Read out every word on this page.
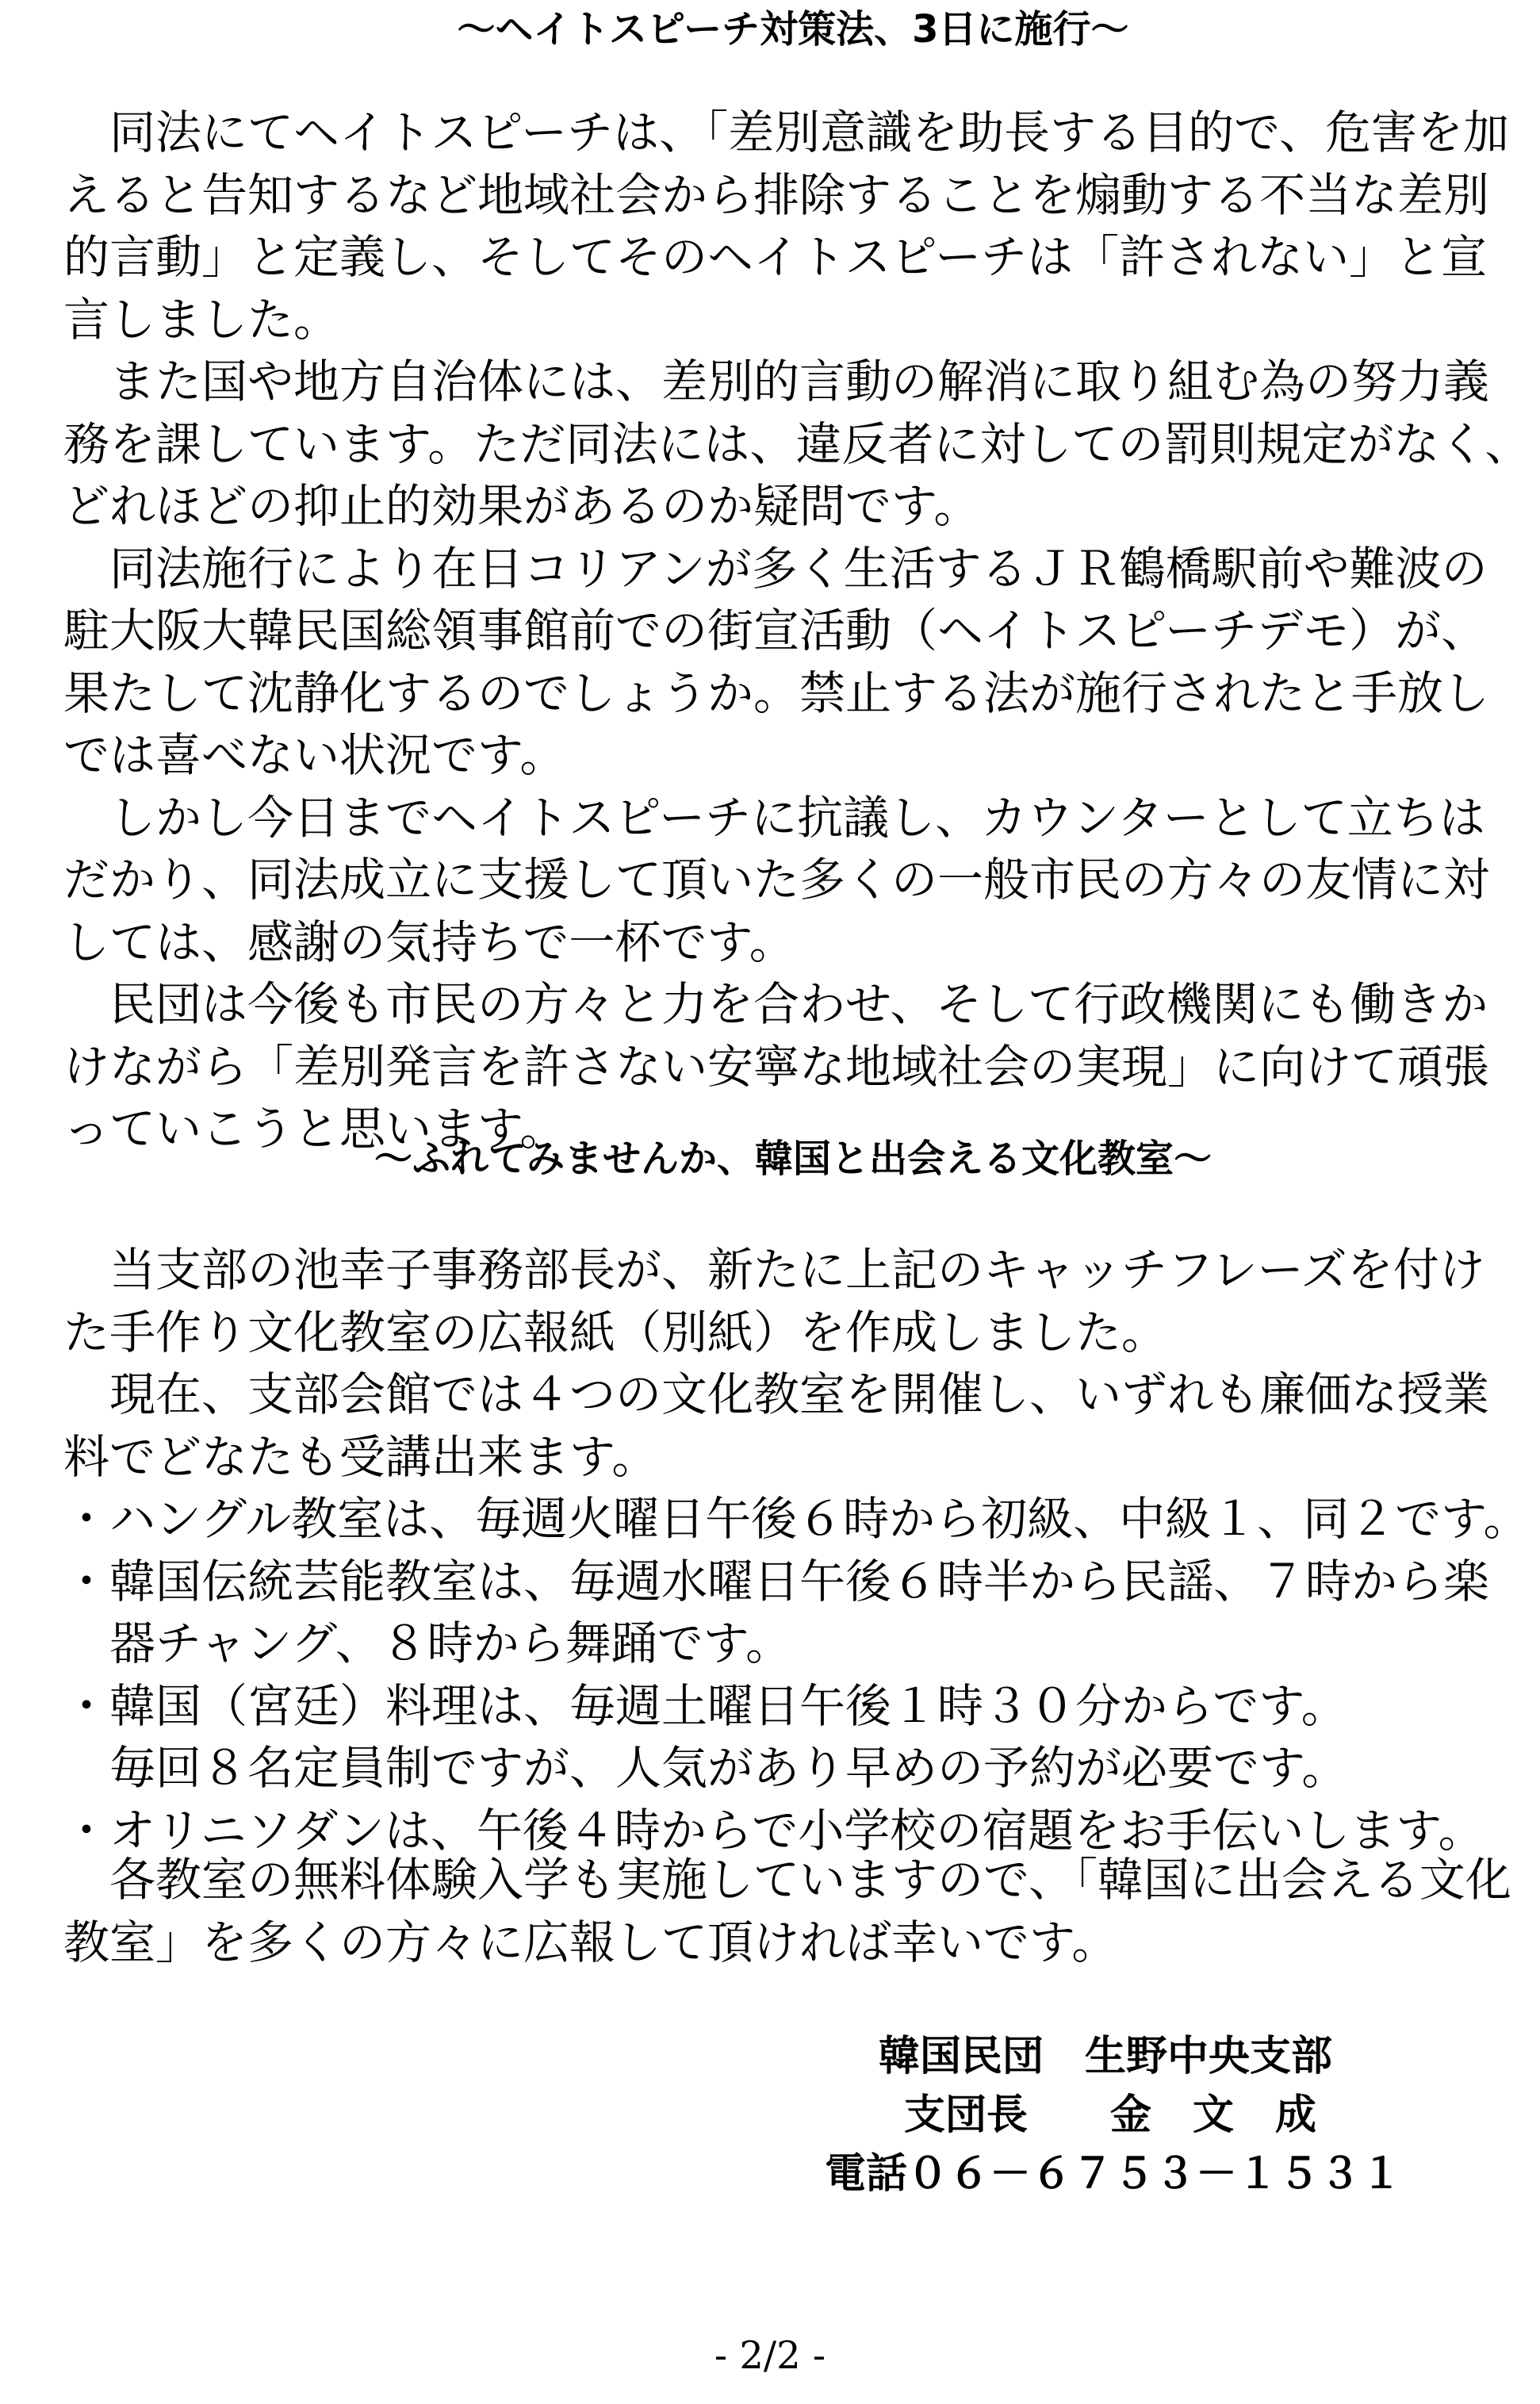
～ヘイトスピーチ対策法、3日に施行～
　同法にてヘイトスピーチは、「差別意識を助長する目的で、危害を加
えると告知するなど地域社会から排除することを煽動する不当な差別
的言動」と定義し、そしてそのヘイトスピーチは「許されない」と宣
言しました。
　また国や地方自治体には、差別的言動の解消に取り組む為の努力義
務を課しています。ただ同法には、違反者に対しての罰則規定がなく、
どれほどの抑止的効果があるのか疑問です。
　同法施行により在日コリアンが多く生活するＪＲ鶴橋駅前や難波の
駐大阪大韓民国総領事館前での街宣活動（ヘイトスピーチデモ）が、
果たして沈静化するのでしょうか。禁止する法が施行されたと手放し
では喜べない状況です。
　しかし今日までヘイトスピーチに抗議し、カウンターとして立ちは
だかり、同法成立に支援して頂いた多くの一般市民の方々の友情に対
しては、感謝の気持ちで一杯です。
　民団は今後も市民の方々と力を合わせ、そして行政機関にも働きか
けながら「差別発言を許さない安寧な地域社会の実現」に向けて頑張
っていこうと思います。
～ふれてみませんか、韓国と出会える文化教室～
　当支部の池幸子事務部長が、新たに上記のキャッチフレーズを付け
た手作り文化教室の広報紙（別紙）を作成しました。
　現在、支部会館では４つの文化教室を開催し、いずれも廉価な授業
料でどなたも受講出来ます。
・ハングル教室は、毎週火曜日午後６時から初級、中級１、同２です。
・韓国伝統芸能教室は、毎週水曜日午後６時半から民謡、７時から楽
器チャング、８時から舞踊です。
・韓国（宮廷）料理は、毎週土曜日午後１時３０分からです。
毎回８名定員制ですが、人気があり早めの予約が必要です。
・オリニソダンは、午後４時からで小学校の宿題をお手伝いします。
　各教室の無料体験入学も実施していますので、「韓国に出会える文化
教室」を多くの方々に広報して頂ければ幸いです。
韓国民団　生野中央支部
支団長　　金　文　成
電話０６－６７５３－１５３１
- 2/2 -
